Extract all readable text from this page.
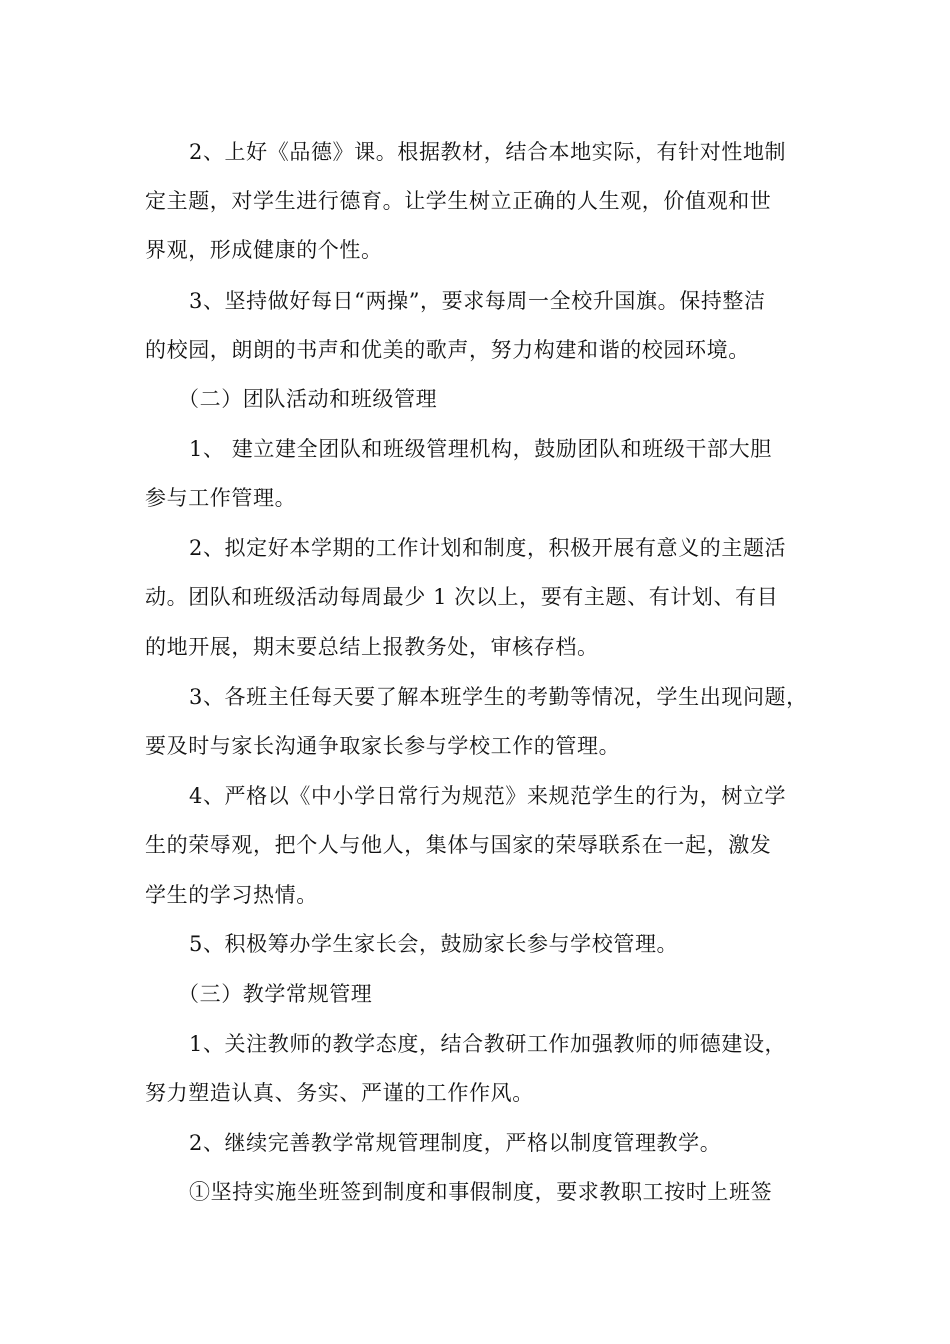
2、上好《品德》课。根据教材，结合本地实际，有针对性地制
定主题，对学生进行德育。让学生树立正确的人生观，价值观和世
界观，形成健康的个性。
3、坚持做好每日“两操”，要求每周一全校升国旗。保持整洁
的校园，朗朗的书声和优美的歌声，努力构建和谐的校园环境。
（二）团队活动和班级管理
1、 建立建全团队和班级管理机构，鼓励团队和班级干部大胆
参与工作管理。
2、拟定好本学期的工作计划和制度，积极开展有意义的主题活
动。团队和班级活动每周最少 1 次以上，要有主题、有计划、有目
的地开展，期末要总结上报教务处，审核存档。
3、各班主任每天要了解本班学生的考勤等情况，学生出现问题，
要及时与家长沟通争取家长参与学校工作的管理。
4、严格以《中小学日常行为规范》来规范学生的行为，树立学
生的荣辱观，把个人与他人，集体与国家的荣辱联系在一起，激发
学生的学习热情。
5、积极筹办学生家长会，鼓励家长参与学校管理。
（三）教学常规管理
1、关注教师的教学态度，结合教研工作加强教师的师德建设，
努力塑造认真、务实、严谨的工作作风。
2、继续完善教学常规管理制度，严格以制度管理教学。
①坚持实施坐班签到制度和事假制度，要求教职工按时上班签
